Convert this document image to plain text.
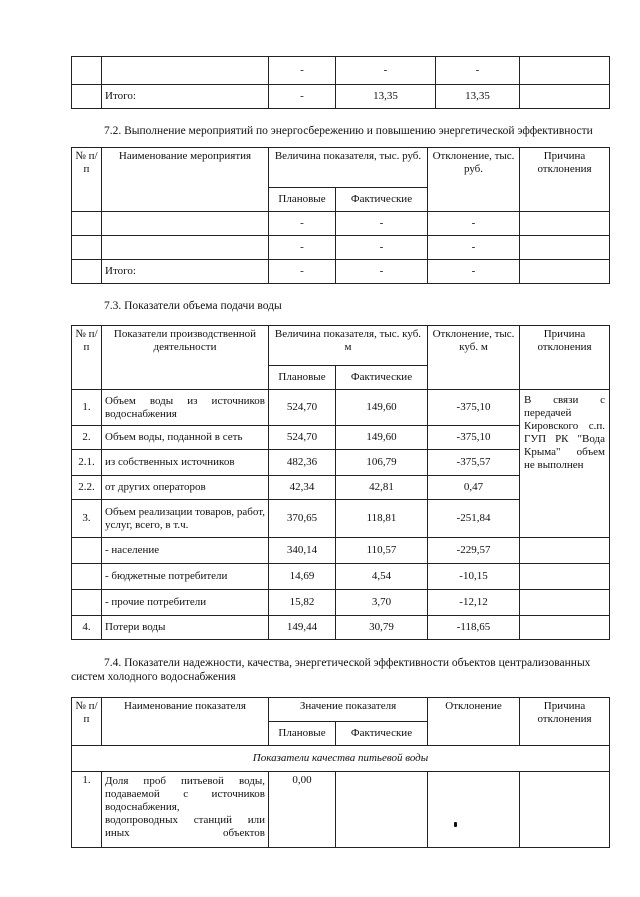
		-	-	-	
	Итого:	-	13,35	13,35	
7.2. Выполнение мероприятий по энергосбережению и повышению энергетической эффективности
№ п/п	Наименование мероприятия	Величина показателя, тыс. руб.		Отклонение, тыс. руб.	Причина отклонения
		Плановые	Фактические		
		-	-	-	
		-	-	-	
	Итого:	-	-	-	
7.3. Показатели объема подачи воды
№ п/п	Показатели производственной деятельности	Величина показателя, тыс. куб. м		Отклонение, тыс. куб. м	Причина отклонения
		Плановые	Фактические		
1.	Объем воды из источников водоснабжения	524,70	149,60	-375,10	В связи с передачей Кировского с.п. ГУП РК "Вода Крыма" объем не выполнен
2.	Объем воды, поданной в сеть	524,70	149,60	-375,10	
2.1.	из собственных источников	482,36	106,79	-375,57	
2.2.	от других операторов	42,34	42,81	0,47	
3.	Объем реализации товаров, работ, услуг, всего, в т.ч.	370,65	118,81	-251,84	
	- население	340,14	110,57	-229,57	
	- бюджетные потребители	14,69	4,54	-10,15	
	- прочие потребители	15,82	3,70	-12,12	
4.	Потери воды	149,44	30,79	-118,65	
7.4. Показатели надежности, качества, энергетической эффективности объектов централизованных
систем холодного водоснабжения
№ п/п	Наименование показателя	Значение показателя		Отклонение	Причина отклонения
		Плановые	Фактические		
Показатели качества питьевой воды					
1.	Доля проб питьевой воды,
подаваемой с источников
водоснабжения,
водопроводных станций или
иных объектов	0,00			
